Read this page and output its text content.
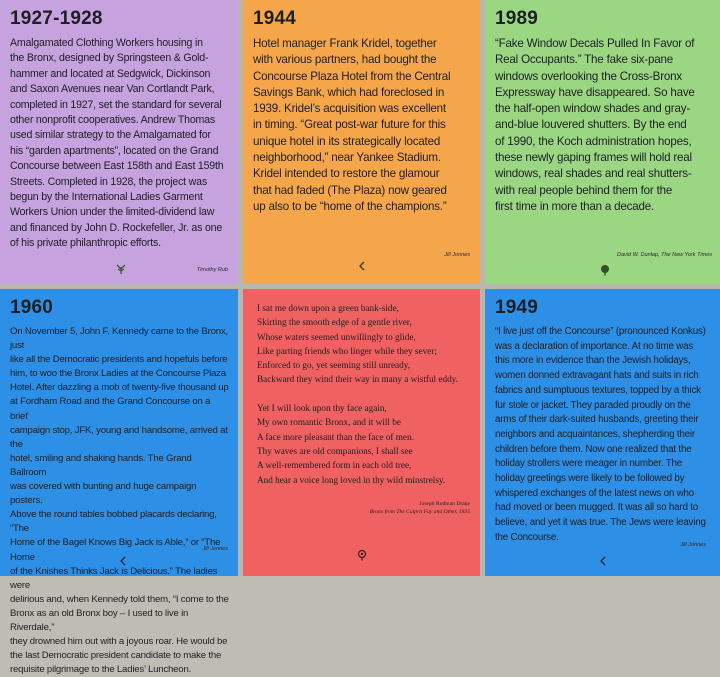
1927-1928

Amalgamated Clothing Workers housing in
the Bronx, designed by Springsteen & Gold-
hammer and located at Sedgwick, Dickinson
and Saxon Avenues near Van Cortlandt Park,
completed in 1927, set the standard for several
other nonprofit cooperatives. Andrew Thomas
used similar strategy to the Amalgamated for
his “garden apartments”, located on the Grand
Concourse between East 158th and East 159th
Streets. Completed in 1928, the project was
begun by the International Ladies Garment
Workers Union under the limited-dividend law
and financed by John D. Rockefeller, Jr. as one
of his private philanthropic efforts.

Timothy Rub
1944

Hotel manager Frank Kridel, together
with various partners, had bought the
Concourse Plaza Hotel from the Central
Savings Bank, which had foreclosed in
1939. Kridel’s acquisition was excellent
in timing. “Great post-war future for this
unique hotel in its strategically located
neighborhood,” near Yankee Stadium.
Kridel intended to restore the glamour
that had faded (The Plaza) now geared
up also to be “home of the champions.”

Jill Jonnes
1989

“Fake Window Decals Pulled In Favor of
Real Occupants.” The fake six-pane
windows overlooking the Cross-Bronx
Expressway have disappeared. So have
the half-open window shades and gray-
and-blue louvered shutters. By the end
of 1990, the Koch administration hopes,
these newly gaping frames will hold real
windows, real shades and real shutters-
with real people behind them for the
first time in more than a decade.

David W. Dunlap, The New York Times
1960

On November 5, John F. Kennedy came to the Bronx, just
like all the Democratic presidents and hopefuls before
him, to woo the Bronx Ladies at the Concourse Plaza
Hotel. After dazzling a mob of twenty-five thousand up
at Fordham Road and the Grand Concourse on a brief
campaign stop, JFK, young and handsome, arrived at the
hotel, smiling and shaking hands. The Grand Ballroom
was covered with bunting and huge campaign posters.
Above the round tables bobbed placards declaring, “The
Home of the Bagel Knows Big Jack is Able,” or “The Home
of the Knishes Thinks Jack is Delicious.” The ladies were
delirious and, when Kennedy told them, “I come to the
Bronx as an old Bronx boy – I used to live in Riverdale,”
they drowned him out with a joyous roar. He would be
the last Democratic president candidate to make the
requisite pilgrimage to the Ladies’ Luncheon.

Jill Jonnes

I sat me down upon a green bank-side,
Skirting the smooth edge of a gentle river,
Whose waters seemed unwillingly to glide,
Like parting friends who linger while they sever;
Enforced to go, yet seeming still unready,
Backward they wind their way in many a wistful eddy.

Yet I will look upon thy face again,
My own romantic Bronx, and it will be
A face more pleasant than the face of men.
Thy waves are old companions, I shall see
A well-remembered form in each old tree,
And hear a voice long loved in thy wild minstrelsy.

Joseph Rodman Drake
Bronx from The Culprit Fay and Other, 1835
1949

“I live just off the Concourse” (pronounced Konkus)
was a declaration of importance. At no time was
this more in evidence than the Jewish holidays,
women donned extravagant hats and suits in rich
fabrics and sumptuous textures, topped by a thick
fur stole or jacket. They paraded proudly on the
arms of their dark-suited husbands, greeting their
neighbors and acquaintances, shepherding their
children before them. Now one realized that the
holiday strollers were meager in number. The
holiday greetings were likely to be followed by
whispered exchanges of the latest news on who
had moved or been mugged. It was all so hard to
believe, and yet it was true. The Jews were leaving
the Concourse.

Jill Jonnes
